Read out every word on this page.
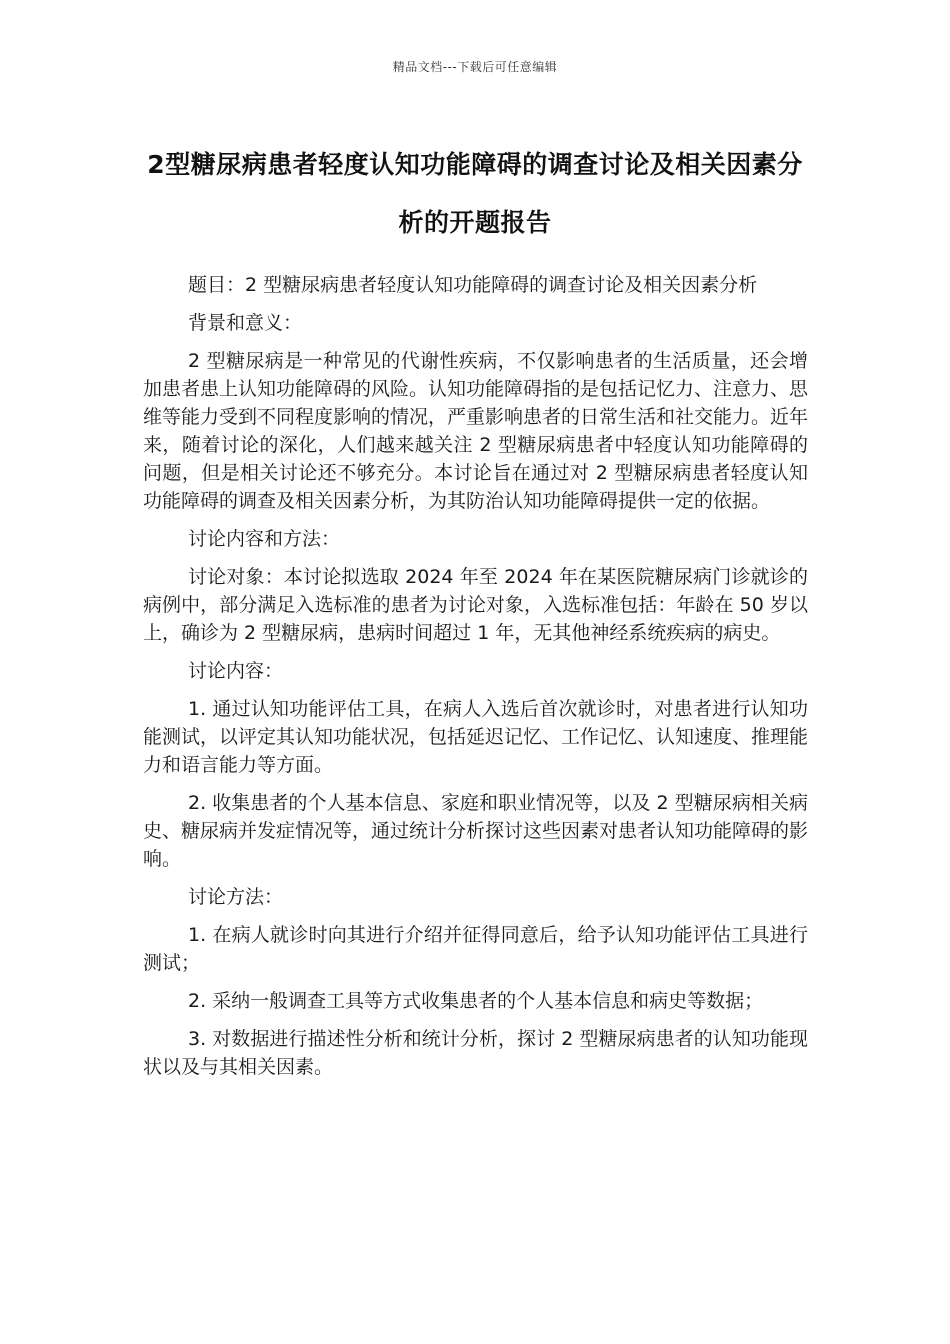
精品文档---下载后可任意编辑
2型糖尿病患者轻度认知功能障碍的调查讨论及相关因素分析的开题报告

题目：2 型糖尿病患者轻度认知功能障碍的调查讨论及相关因素分析

背景和意义：

2 型糖尿病是一种常见的代谢性疾病，不仅影响患者的生活质量，还会增加患者患上认知功能障碍的风险。认知功能障碍指的是包括记忆力、注意力、思维等能力受到不同程度影响的情况，严重影响患者的日常生活和社交能力。近年来，随着讨论的深化，人们越来越关注 2 型糖尿病患者中轻度认知功能障碍的问题，但是相关讨论还不够充分。本讨论旨在通过对 2 型糖尿病患者轻度认知功能障碍的调查及相关因素分析，为其防治认知功能障碍提供一定的依据。

讨论内容和方法：

讨论对象：本讨论拟选取 2024 年至 2024 年在某医院糖尿病门诊就诊的病例中，部分满足入选标准的患者为讨论对象，入选标准包括：年龄在 50 岁以上，确诊为 2 型糖尿病，患病时间超过 1 年，无其他神经系统疾病的病史。

讨论内容：

1. 通过认知功能评估工具，在病人入选后首次就诊时，对患者进行认知功能测试，以评定其认知功能状况，包括延迟记忆、工作记忆、认知速度、推理能力和语言能力等方面。

2. 收集患者的个人基本信息、家庭和职业情况等，以及 2 型糖尿病相关病史、糖尿病并发症情况等，通过统计分析探讨这些因素对患者认知功能障碍的影响。

讨论方法：

1. 在病人就诊时向其进行介绍并征得同意后，给予认知功能评估工具进行测试；

2. 采纳一般调查工具等方式收集患者的个人基本信息和病史等数据；

3. 对数据进行描述性分析和统计分析，探讨 2 型糖尿病患者的认知功能现状以及与其相关因素。
